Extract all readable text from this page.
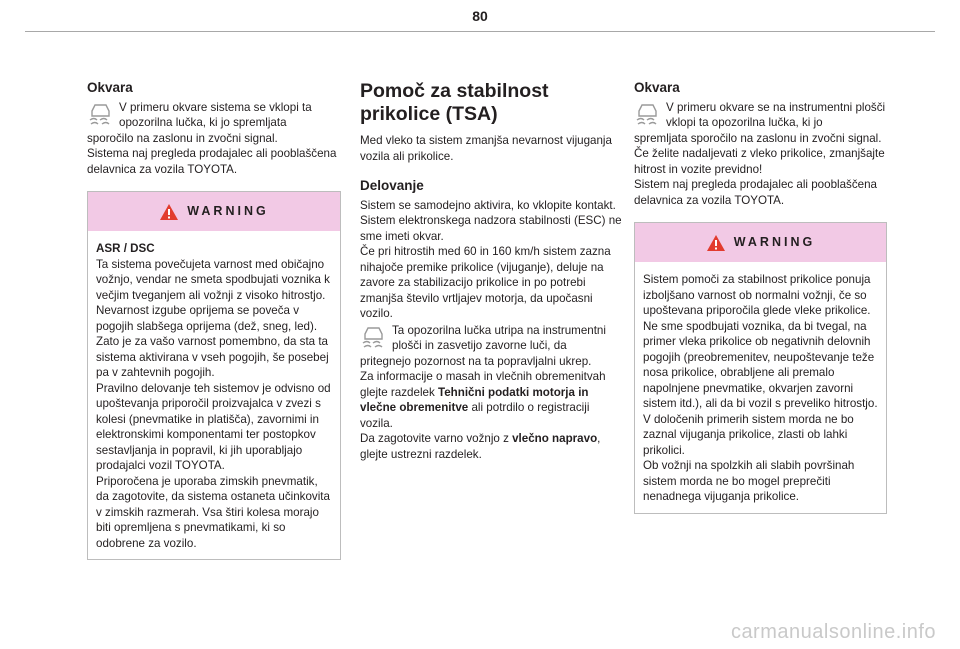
80
Okvara

V primeru okvare sistema se vklopi ta opozorilna lučka, ki jo spremljata

sporočilo na zaslonu in zvočni signal.

Sistema naj pregleda prodajalec ali pooblaščena delavnica za vozila TOYOTA.

WARNING

ASR / DSC

Ta sistema povečujeta varnost med običajno vožnjo, vendar ne smeta spodbujati voznika k večjim tveganjem ali vožnji z visoko hitrostjo.

Nevarnost izgube oprijema se poveča v pogojih slabšega oprijema (dež, sneg, led).

Zato je za vašo varnost pomembno, da sta ta sistema aktivirana v vseh pogojih, še posebej pa v zahtevnih pogojih.

Pravilno delovanje teh sistemov je odvisno od upoštevanja priporočil proizvajalca v zvezi s kolesi (pnevmatike in platišča), zavornimi in elektronskimi komponentami ter postopkov sestavljanja in popravil, ki jih uporabljajo prodajalci vozil TOYOTA.

Priporočena je uporaba zimskih pnevmatik, da zagotovite, da sistema ostaneta učinkovita v zimskih razmerah. Vsa štiri kolesa morajo biti opremljena s pnevmatikami, ki so odobrene za vozilo.

Pomoč za stabilnost prikolice (TSA)

Med vleko ta sistem zmanjša nevarnost vijuganja vozila ali prikolice.

Delovanje

Sistem se samodejno aktivira, ko vklopite kontakt.

Sistem elektronskega nadzora stabilnosti (ESC) ne sme imeti okvar.

Če pri hitrostih med 60 in 160 km/h sistem zazna nihajoče premike prikolice (vijuganje), deluje na zavore za stabilizacijo prikolice in po potrebi zmanjša število vrtljajev motorja, da upočasni vozilo.

Ta opozorilna lučka utripa na instrumentni plošči in zasvetijo zavorne luči, da

pritegnejo pozornost na ta popravljalni ukrep.

Za informacije o masah in vlečnih obremenitvah glejte razdelek Tehnični podatki motorja in vlečne obremenitve ali potrdilo o registraciji vozila.

Da zagotovite varno vožnjo z vlečno napravo, glejte ustrezni razdelek.

Okvara

V primeru okvare se na instrumentni plošči vklopi ta opozorilna lučka, ki jo

spremljata sporočilo na zaslonu in zvočni signal.

Če želite nadaljevati z vleko prikolice, zmanjšajte hitrost in vozite previdno!

Sistem naj pregleda prodajalec ali pooblaščena delavnica za vozila TOYOTA.

WARNING

Sistem pomoči za stabilnost prikolice ponuja izboljšano varnost ob normalni vožnji, če so upoštevana priporočila glede vleke prikolice. Ne sme spodbujati voznika, da bi tvegal, na primer vleka prikolice ob negativnih delovnih pogojih (preobremenitev, neupoštevanje teže nosa prikolice, obrabljene ali premalo napolnjene pnevmatike, okvarjen zavorni sistem itd.), ali da bi vozil s preveliko hitrostjo.

V določenih primerih sistem morda ne bo zaznal vijuganja prikolice, zlasti ob lahki prikolici.

Ob vožnji na spolzkih ali slabih površinah sistem morda ne bo mogel preprečiti nenadnega vijuganja prikolice.

carmanualsonline.info
